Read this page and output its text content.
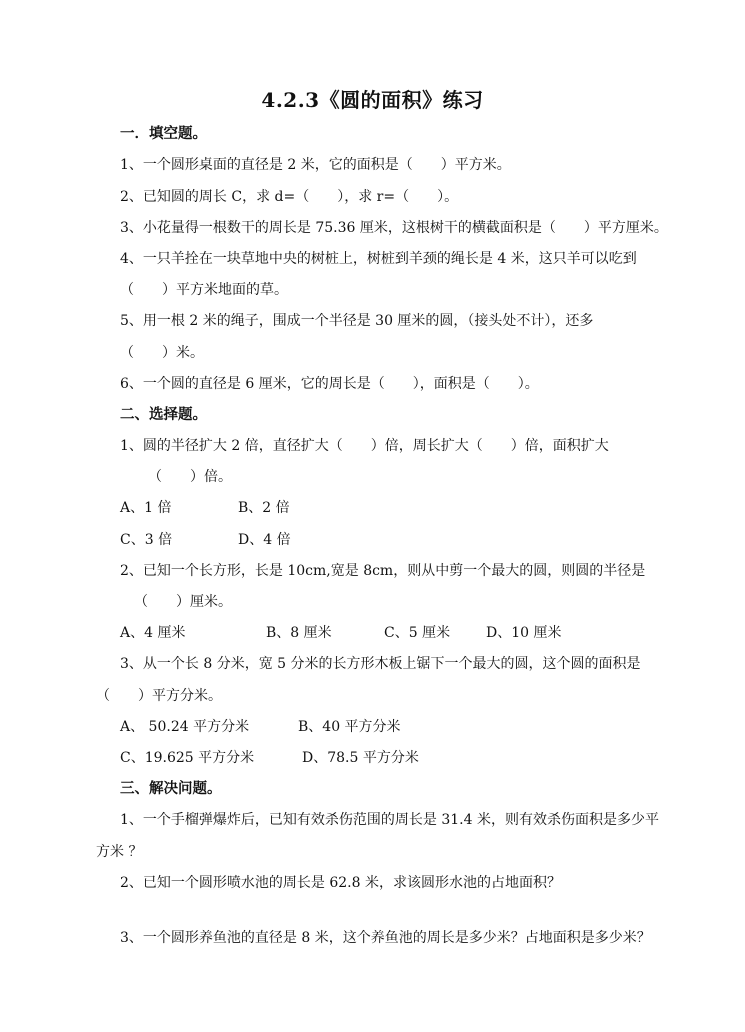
4.2.3《圆的面积》练习
一．填空题。
1、一个圆形桌面的直径是 2 米，它的面积是（　　）平方米。
2、已知圆的周长 C，求 d=（　　），求 r=（　　）。
3、小花量得一根数干的周长是 75.36 厘米，这根树干的横截面积是（　　）平方厘米。
4、一只羊拴在一块草地中央的树桩上，树桩到羊颈的绳长是 4 米，这只羊可以吃到
（　　）平方米地面的草。
5、用一根 2 米的绳子，围成一个半径是 30 厘米的圆，（接头处不计），还多
（　　）米。
6、一个圆的直径是 6 厘米，它的周长是（　　），面积是（　　）。
二、选择题。
1、圆的半径扩大 2 倍，直径扩大（　　）倍，周长扩大（　　）倍，面积扩大
（　　）倍。
A、1 倍	B、2 倍
C、3 倍	D、4 倍
2、已知一个长方形，长是 10cm,宽是 8cm，则从中剪一个最大的圆，则圆的半径是
（　　）厘米。
A、4 厘米	B、8 厘米	C、5 厘米	D、10 厘米
3、从一个长 8 分米，宽 5 分米的长方形木板上锯下一个最大的圆，这个圆的面积是
（　　）平方分米。
A、 50.24 平方分米	B、40 平方分米
C、19.625 平方分米	D、78.5 平方分米
三、解决问题。
1、一个手榴弹爆炸后，已知有效杀伤范围的周长是 31.4 米，则有效杀伤面积是多少平
方米 ？
2、已知一个圆形喷水池的周长是 62.8 米，求该圆形水池的占地面积？
3、一个圆形养鱼池的直径是 8 米，这个养鱼池的周长是多少米？占地面积是多少米？
